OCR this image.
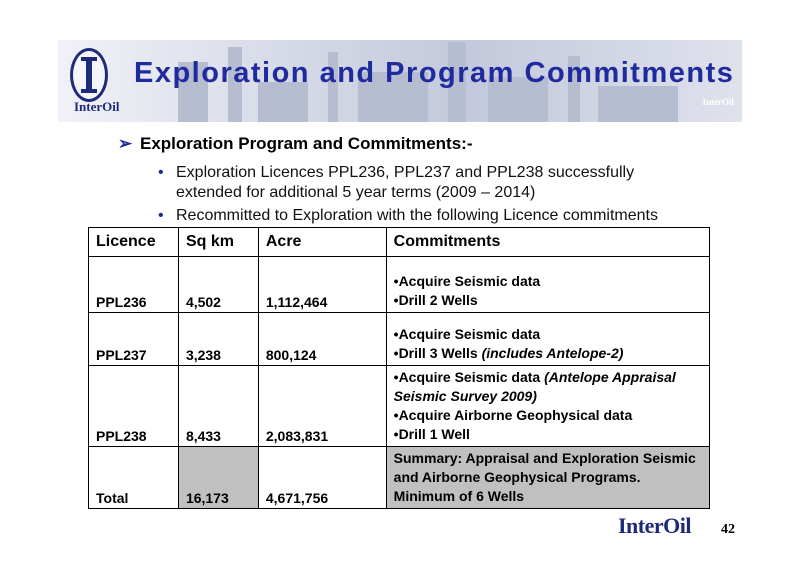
InterOil	InterOil
Exploration and Program Commitments
➢ Exploration Program and Commitments:-
• Exploration Licences PPL236, PPL237 and PPL238 successfully extended for additional 5 year terms (2009 – 2014)
• Recommitted to Exploration with the following Licence commitments
Licence	Sq km	Acre	Commitments
PPL236	4,502	1,112,464	•Acquire Seismic data
•Drill 2 Wells

PPL237	3,238	800,124	•Acquire Seismic data
•Drill 3 Wells (includes Antelope-2)

PPL238	8,433	2,083,831	•Acquire Seismic data (Antelope Appraisal Seismic Survey 2009)
•Acquire Airborne Geophysical data
•Drill 1 Well

Total	16,173	4,671,756	Summary: Appraisal and Exploration Seismic and Airborne Geophysical Programs. Minimum of 6 Wells
InterOil 42
